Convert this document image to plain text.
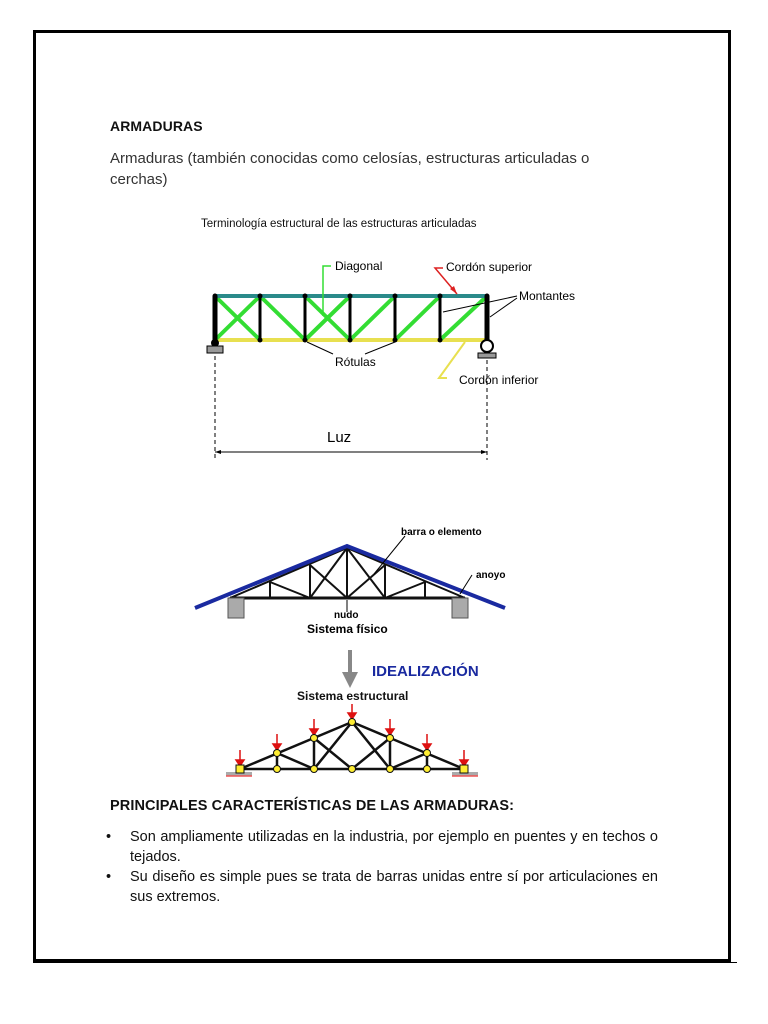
ARMADURAS
Armaduras (también conocidas como celosías, estructuras articuladas o
cerchas)
Terminología estructural de las estructuras articuladas
Luz
Diagonal	Cordón superior
Montantes
Rótulas
Cordón inferior
barra o elemento
anoyo
nudo
Sistema físico
IDEALIZACIÓN
Sistema estructural
PRINCIPALES CARACTERÍSTICAS DE LAS ARMADURAS:
• Son ampliamente utilizadas en la industria, por ejemplo en puentes y en techos o tejados.
• Su diseño es simple pues se trata de barras unidas entre sí por articulaciones en sus extremos.
